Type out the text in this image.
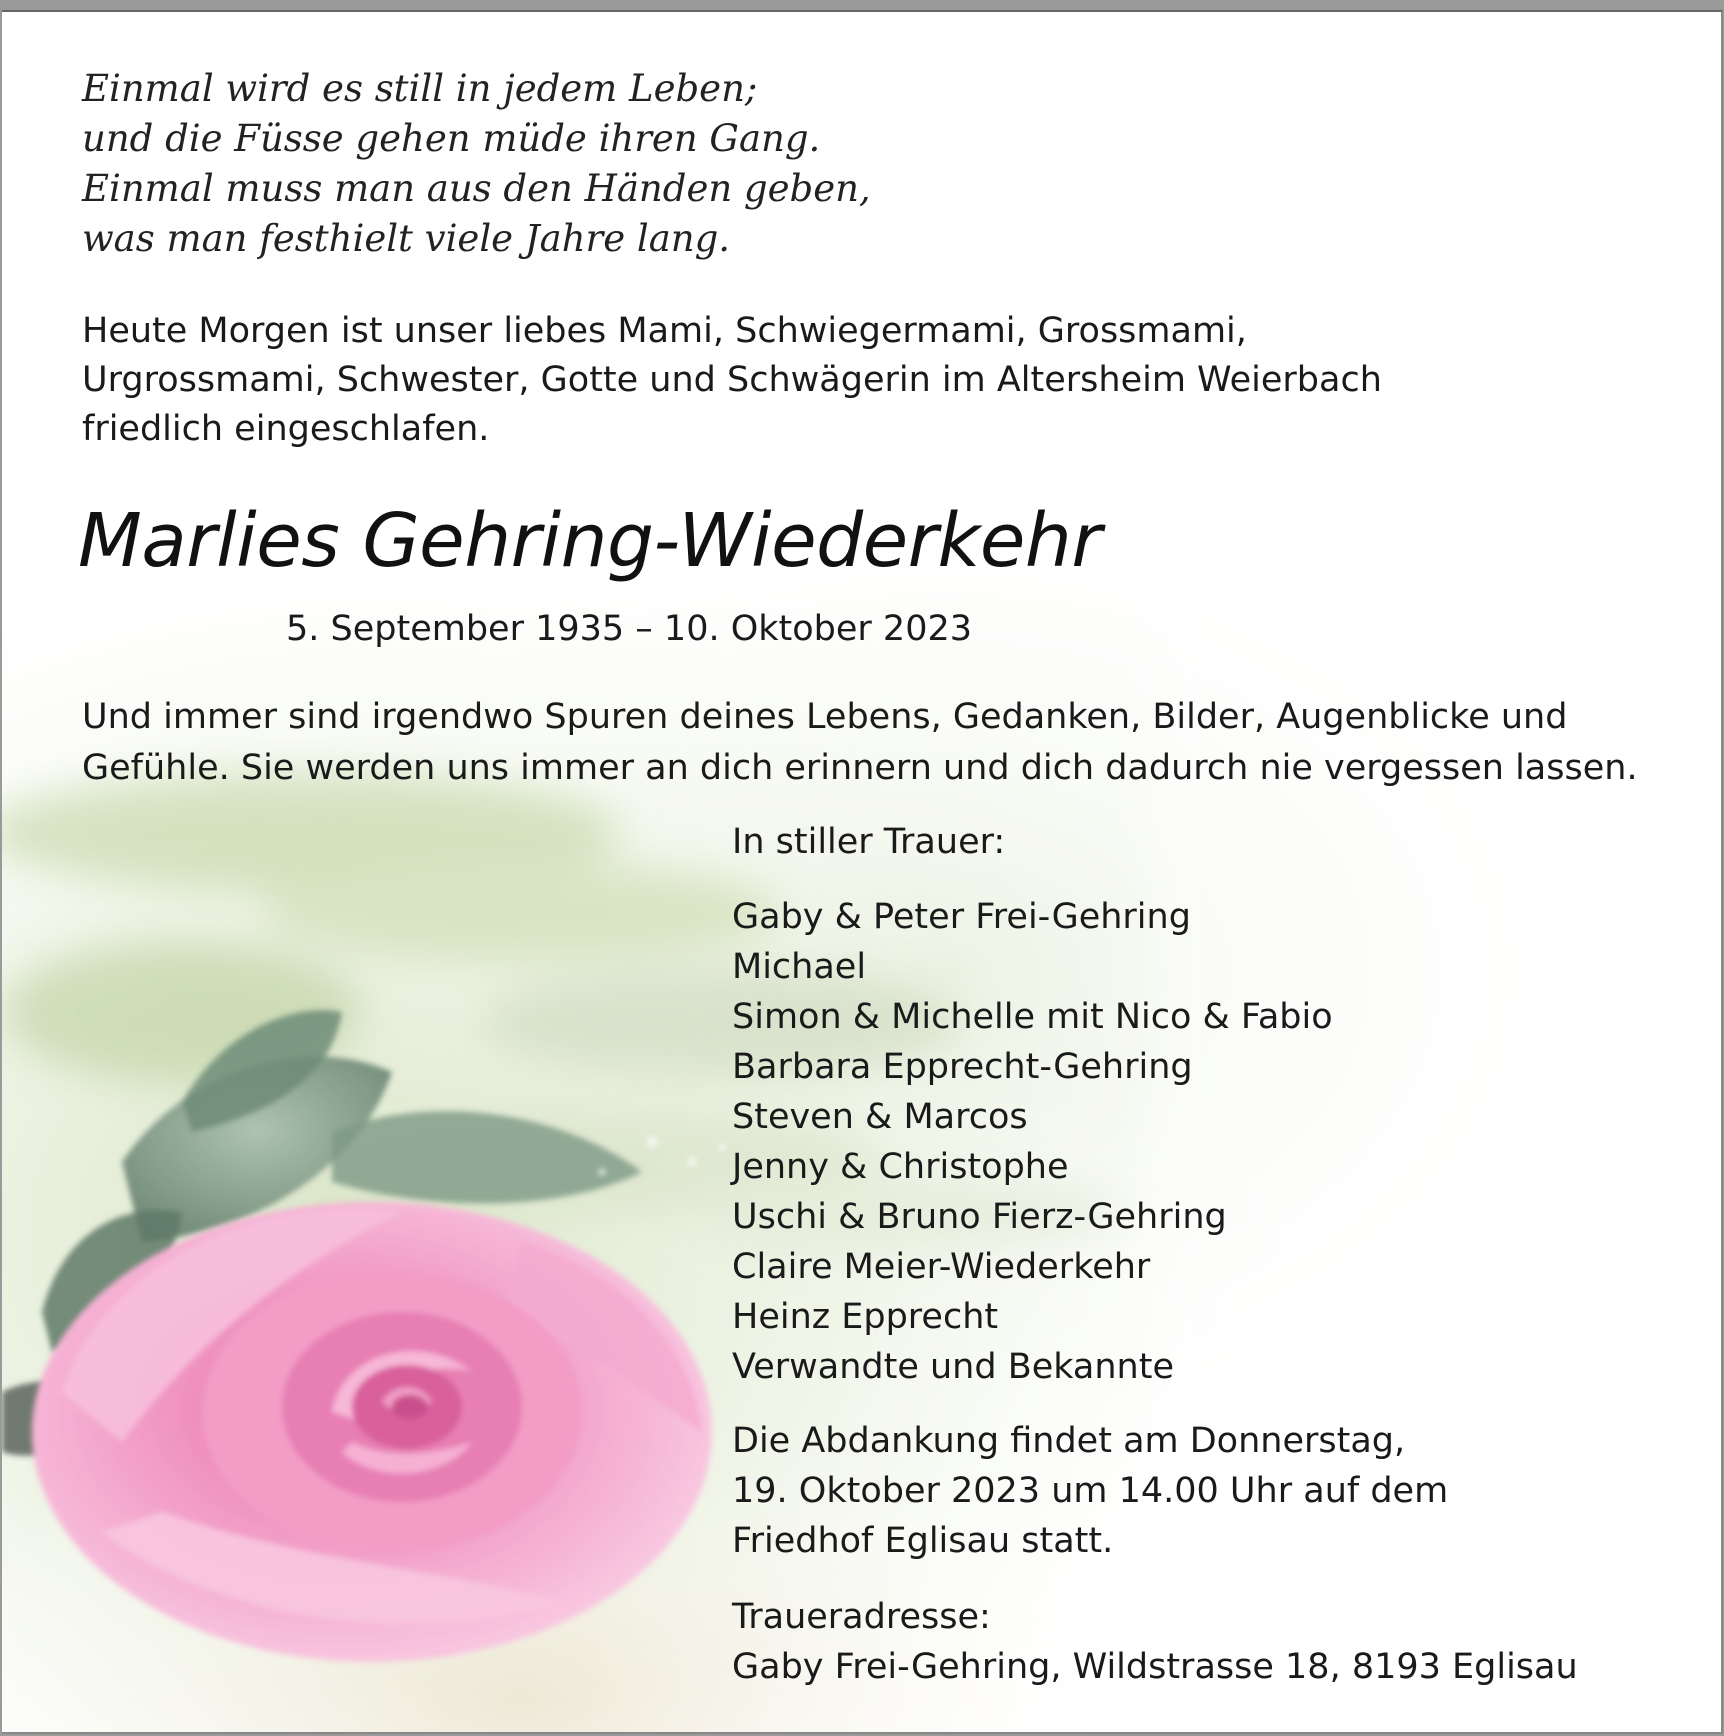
Einmal wird es still in jedem Leben;
und die Füsse gehen müde ihren Gang.
Einmal muss man aus den Händen geben,
was man festhielt viele Jahre lang.
Heute Morgen ist unser liebes Mami, Schwiegermami, Grossmami,
Urgrossmami, Schwester, Gotte und Schwägerin im Altersheim Weierbach
friedlich eingeschlafen.
Marlies Gehring-Wiederkehr
5. September 1935 – 10. Oktober 2023
Und immer sind irgendwo Spuren deines Lebens, Gedanken, Bilder, Augenblicke und
Gefühle. Sie werden uns immer an dich erinnern und dich dadurch nie vergessen lassen.
In stiller Trauer:
Gaby & Peter Frei-Gehring
Michael
Simon & Michelle mit Nico & Fabio
Barbara Epprecht-Gehring
Steven & Marcos
Jenny & Christophe
Uschi & Bruno Fierz-Gehring
Claire Meier-Wiederkehr
Heinz Epprecht
Verwandte und Bekannte
Die Abdankung findet am Donnerstag,
19. Oktober 2023 um 14.00 Uhr auf dem
Friedhof Eglisau statt.
Traueradresse:
Gaby Frei-Gehring, Wildstrasse 18, 8193 Eglisau
